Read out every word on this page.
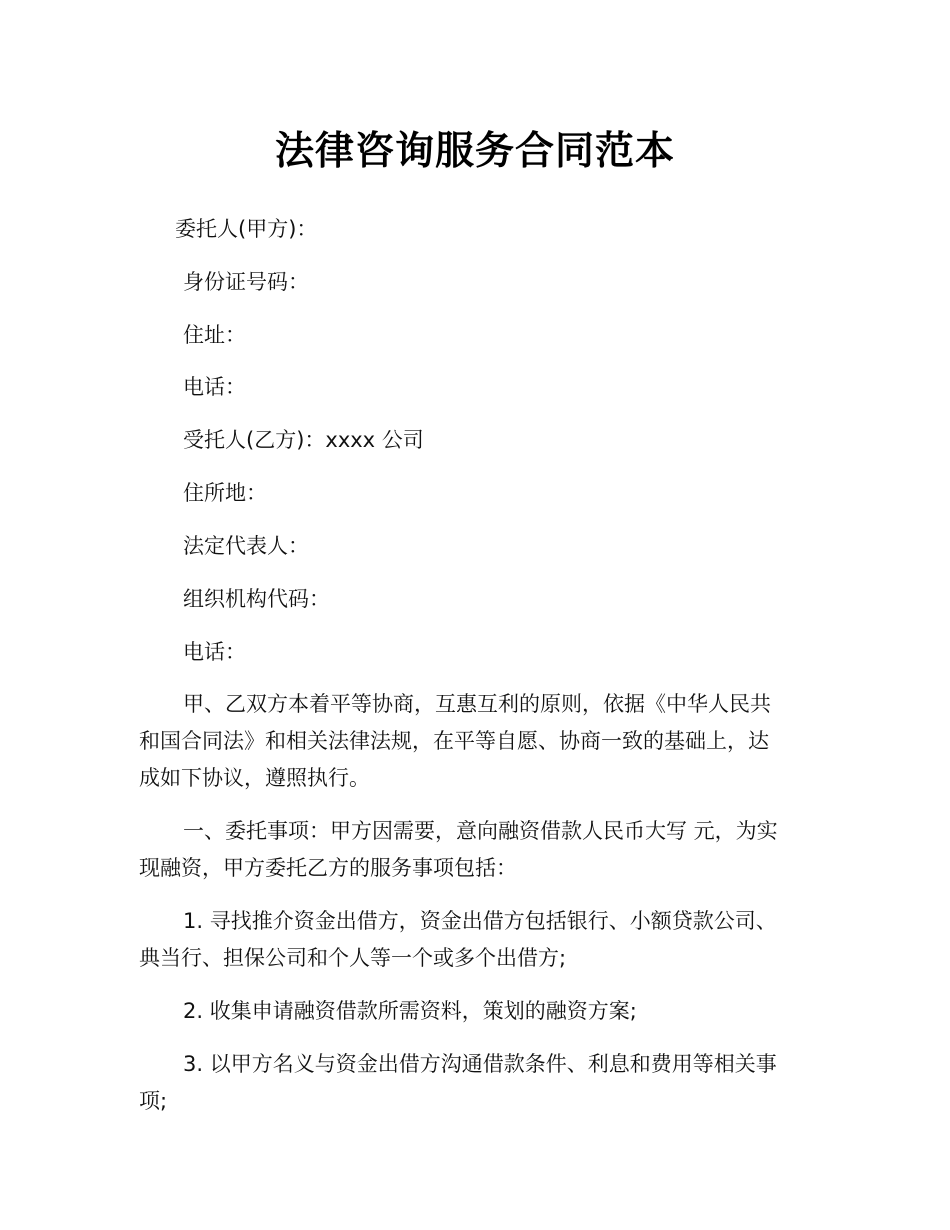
法律咨询服务合同范本
委托人(甲方)：
身份证号码：
住址：
电话：
受托人(乙方)：xxxx 公司
住所地：
法定代表人：
组织机构代码：
电话：
甲、乙双方本着平等协商，互惠互利的原则，依据《中华人民共
和国合同法》和相关法律法规，在平等自愿、协商一致的基础上，达
成如下协议，遵照执行。
一、委托事项：甲方因需要，意向融资借款人民币大写 元，为实
现融资，甲方委托乙方的服务事项包括：
1. 寻找推介资金出借方，资金出借方包括银行、小额贷款公司、
典当行、担保公司和个人等一个或多个出借方;
2. 收集申请融资借款所需资料，策划的融资方案;
3. 以甲方名义与资金出借方沟通借款条件、利息和费用等相关事
项;
